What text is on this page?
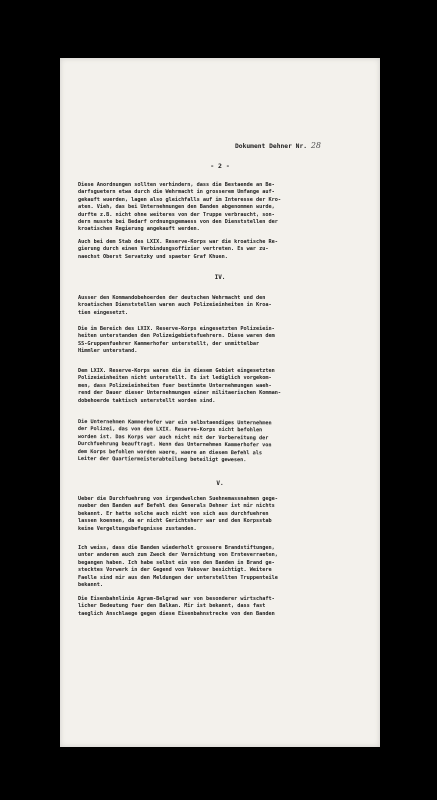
Dokument Dehner Nr. 28
- 2 -

Diese Anordnungen sollten verhindern, dass die Bestaende an Be-

darfsguetern etwa durch die Wehrmacht in grosserem Umfange auf-

gekauft wuerden, lagen also gleichfalls auf im Interesse der Kro-

aten. Vieh, das bei Unternehmungen den Banden abgenommen wurde,

durfte z.B. nicht ohne weiteres von der Truppe verbraucht, son-

dern musste bei Bedarf ordnungsgemaess von den Dienststellen der

kroatischen Regierung angekauft werden.

Auch bei dem Stab des LXIX. Reserve-Korps war die kroatische Re-

gierung durch einen Verbindungsoffizier vertreten. Es war zu-

naechst Oberst Servatzky und spaeter Graf Khuen.

IV.

Ausser den Kommandobehoerden der deutschen Wehrmacht und den

kroatischen Dienststellen waren auch Polizeieinheiten in Kroa-

tien eingesetzt.

Die im Bereich des LXIX. Reserve-Korps eingesetzten Polizeiein-

heiten unterstanden den Polizeigebietsfuehrern. Diese waren dem

SS-Gruppenfuehrer Kammerhofer unterstellt, der unmittelbar

Himmler unterstand.

Dem LXIX. Reserve-Korps waren die in diesem Gebiet eingesetzten

Polizeieinheiten nicht unterstellt. Es ist lediglich vorgekom-

men, dass Polizeieinheiten fuer bestimmte Unternehmungen waeh-

rend der Dauer dieser Unternehmungen einer militaerischen Komman-

dobehoerde taktisch unterstellt worden sind.

Die Unternehmen Kammerhofer war ein selbstaendiges Unternehmen

der Polizei, das von dem LXIX. Reserve-Korps nicht befohlen

worden ist. Das Korps war auch nicht mit der Vorbereitung der

Durchfuehrung beauftragt. Wenn das Unternehmen Kammerhofer von

dem Korps befohlen worden waere, waere an diesem Befehl als

Leiter der Quartiermeisterabteilung beteiligt gewesen.

V.

Ueber die Durchfuehrung von irgendwelchen Suehnemassnahmen gege-

nueber den Banden auf Befehl des Generals Dehner ist mir nichts

bekannt. Er hatte solche auch nicht von sich aus durchfuehren

lassen koennen, da er nicht Gerichtsherr war und den Korpsstab

keine Vergeltungsbefugnisse zustanden.

Ich weiss, dass die Banden wiederholt grossere Brandstiftungen,

unter anderem auch zum Zweck der Vernichtung von Ernteverraeten,

begangen haben. Ich habe selbst ein von den Banden in Brand ge-

stecktes Vorwerk in der Gegend von Vukovar besichtigt. Weitere

Faelle sind mir aus den Meldungen der unterstellten Truppenteile

bekannt.

Die Eisenbahnlinie Agram-Belgrad war von besonderer wirtschaft-

licher Bedeutung fuer den Balkan. Mir ist bekannt, dass fast

taeglich Anschlaege gegen diese Eisenbahnstrecke von den Banden
